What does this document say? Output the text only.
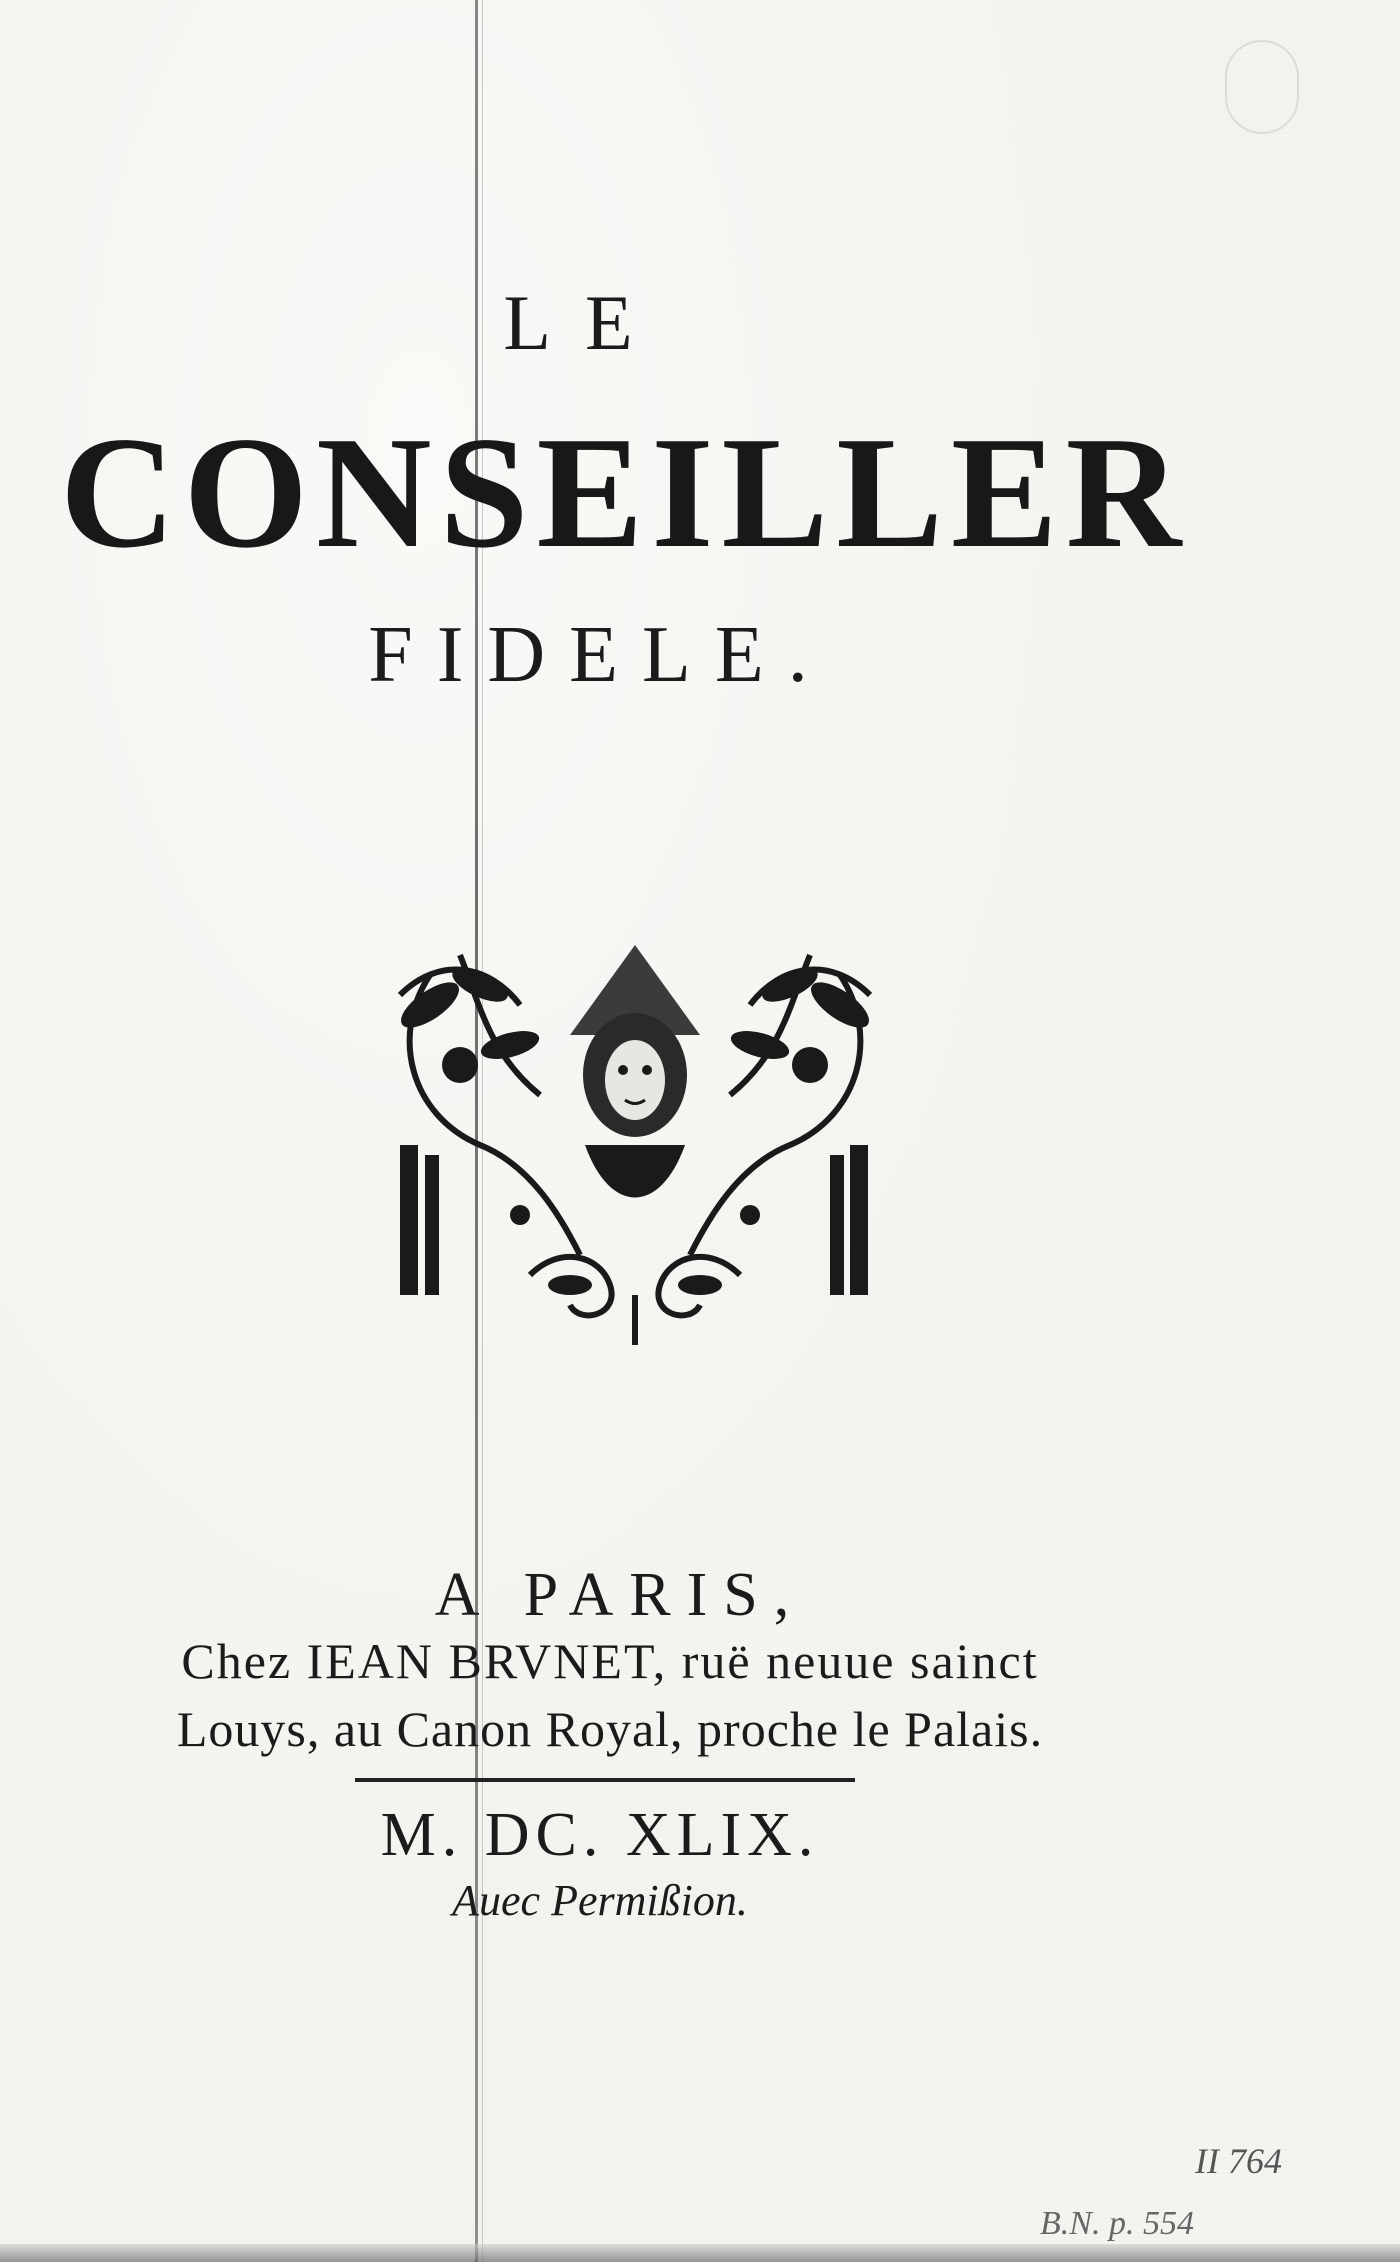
LE
CONSEILLER
FIDELE.
A PARIS,
Chez IEAN BRVNET, ruë neuue sainct
Louys, au Canon Royal, proche le Palais.
M. DC. XLIX.
Auec Permißion.
II 764
B.N. p. 554
